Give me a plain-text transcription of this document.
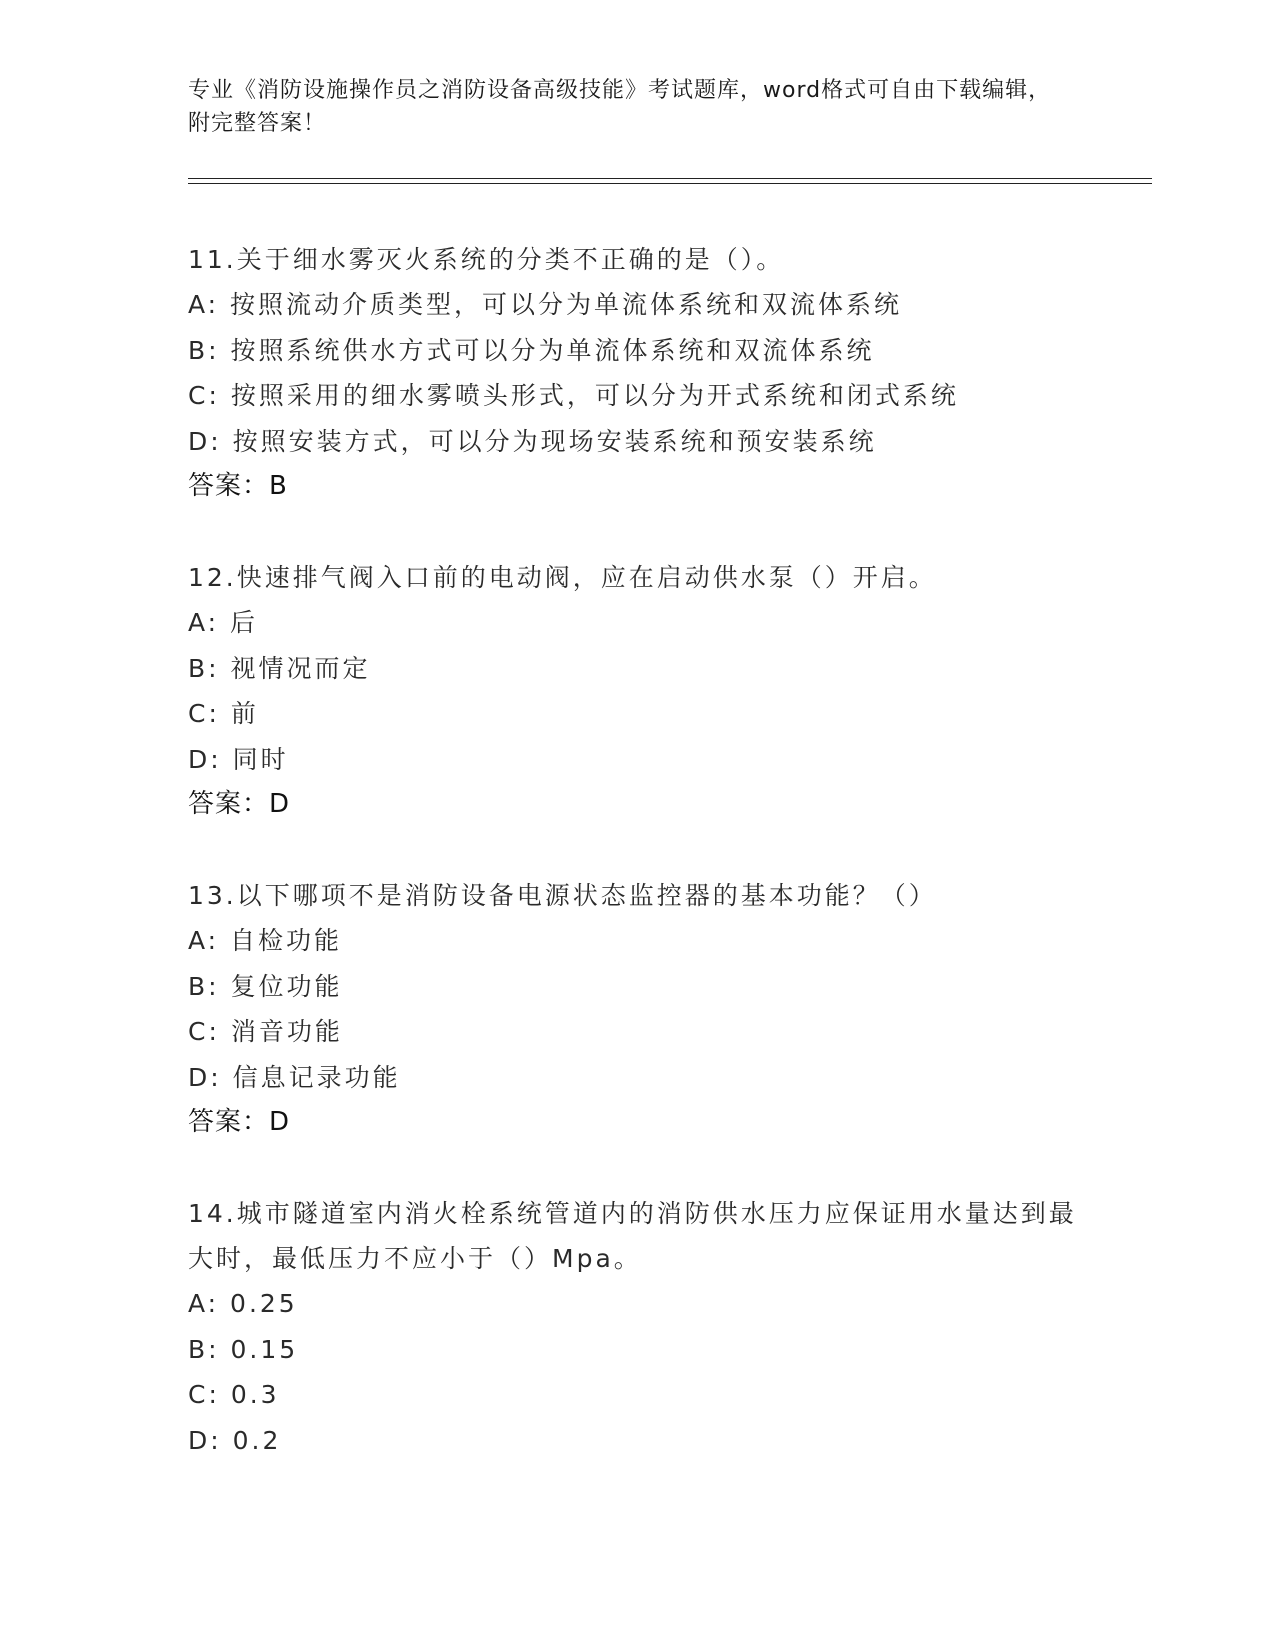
专业《消防设施操作员之消防设备高级技能》考试题库，word格式可自由下载编辑，附完整答案！
11.关于细水雾灭火系统的分类不正确的是（）。
A: 按照流动介质类型，可以分为单流体系统和双流体系统
B: 按照系统供水方式可以分为单流体系统和双流体系统
C: 按照采用的细水雾喷头形式，可以分为开式系统和闭式系统
D: 按照安装方式，可以分为现场安装系统和预安装系统
答案：B
12.快速排气阀入口前的电动阀，应在启动供水泵（）开启。
A: 后
B: 视情况而定
C: 前
D: 同时
答案：D
13.以下哪项不是消防设备电源状态监控器的基本功能？（）
A: 自检功能
B: 复位功能
C: 消音功能
D: 信息记录功能
答案：D
14.城市隧道室内消火栓系统管道内的消防供水压力应保证用水量达到最大时，最低压力不应小于（）Mpa。
A: 0.25
B: 0.15
C: 0.3
D: 0.2
